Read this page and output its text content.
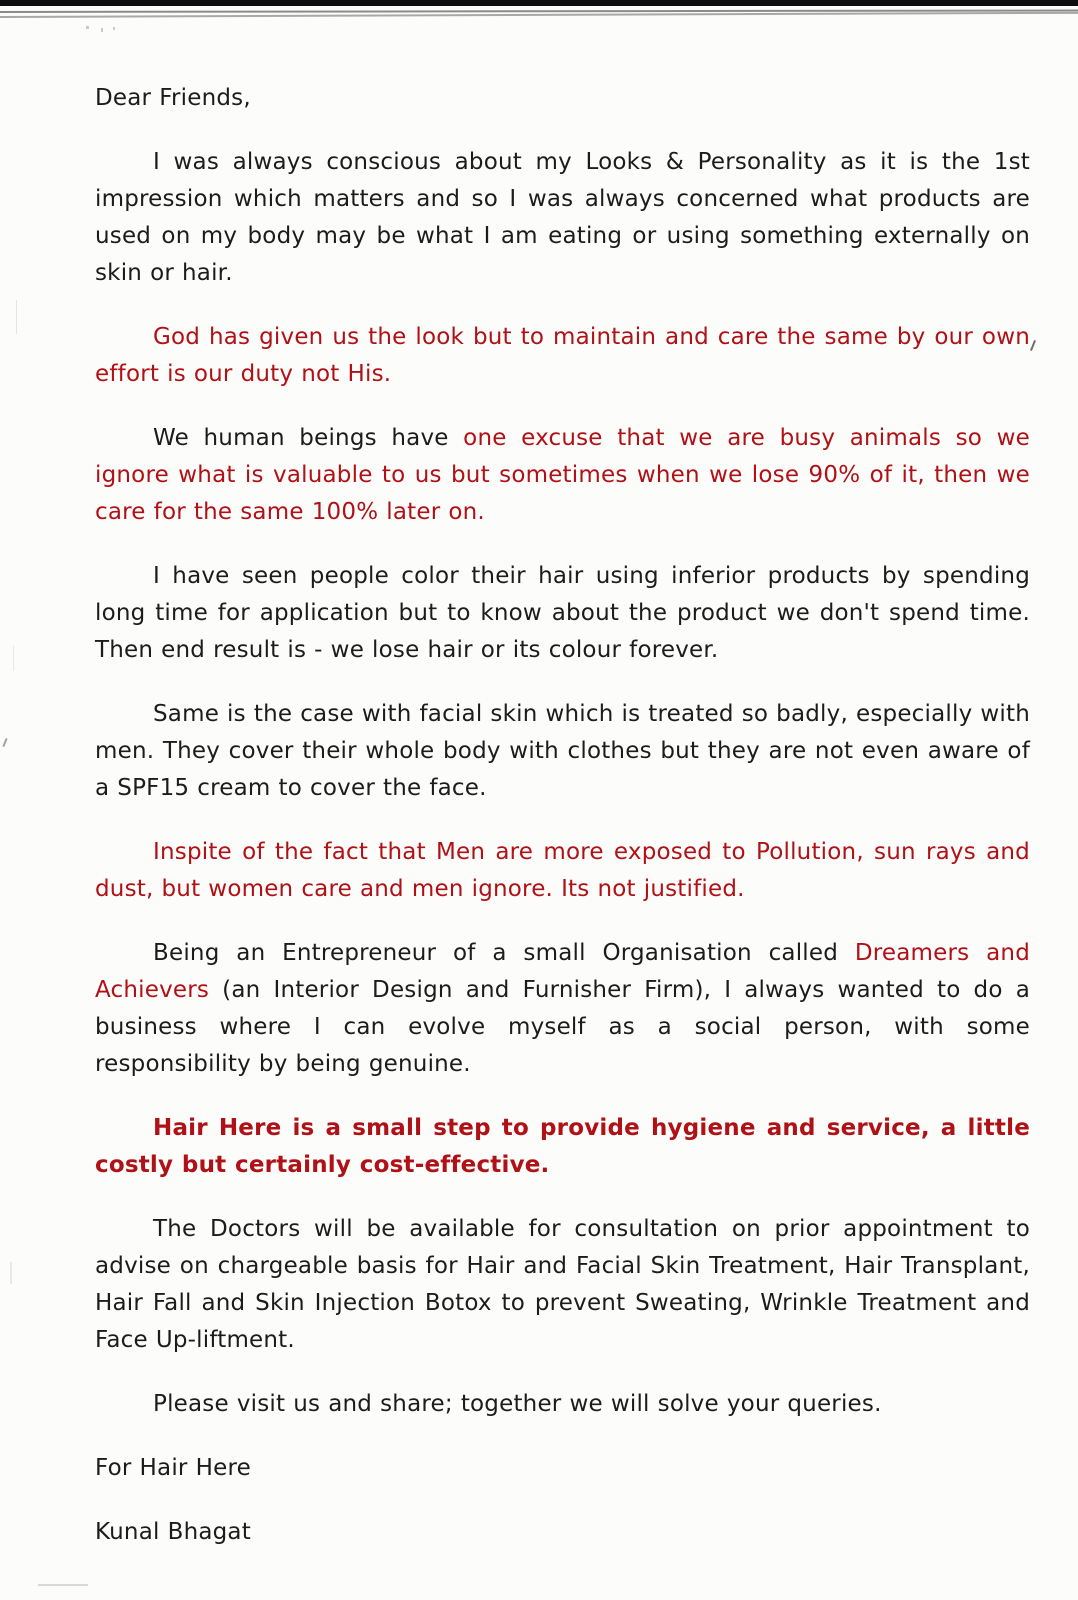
Dear Friends,

I was always conscious about my Looks & Personality as it is the 1st impression which matters and so I was always concerned what products are used on my body may be what I am eating or using something externally on skin or hair.

God has given us the look but to maintain and care the same by our own effort is our duty not His.

We human beings have one excuse that we are busy animals so we ignore what is valuable to us but sometimes when we lose 90% of it, then we care for the same 100% later on.

I have seen people color their hair using inferior products by spending long time for application but to know about the product we don't spend time. Then end result is - we lose hair or its colour forever.

Same is the case with facial skin which is treated so badly, especially with men. They cover their whole body with clothes but they are not even aware of a SPF15 cream to cover the face.

Inspite of the fact that Men are more exposed to Pollution, sun rays and dust, but women care and men ignore. Its not justified.

Being an Entrepreneur of a small Organisation called Dreamers and Achievers (an Interior Design and Furnisher Firm), I always wanted to do a business where I can evolve myself as a social person, with some responsibility by being genuine.

Hair Here is a small step to provide hygiene and service, a little costly but certainly cost-effective.

The Doctors will be available for consultation on prior appointment to advise on chargeable basis for Hair and Facial Skin Treatment, Hair Transplant, Hair Fall and Skin Injection Botox to prevent Sweating, Wrinkle Treatment and Face Up-liftment.

Please visit us and share; together we will solve your queries.

For Hair Here

Kunal Bhagat
